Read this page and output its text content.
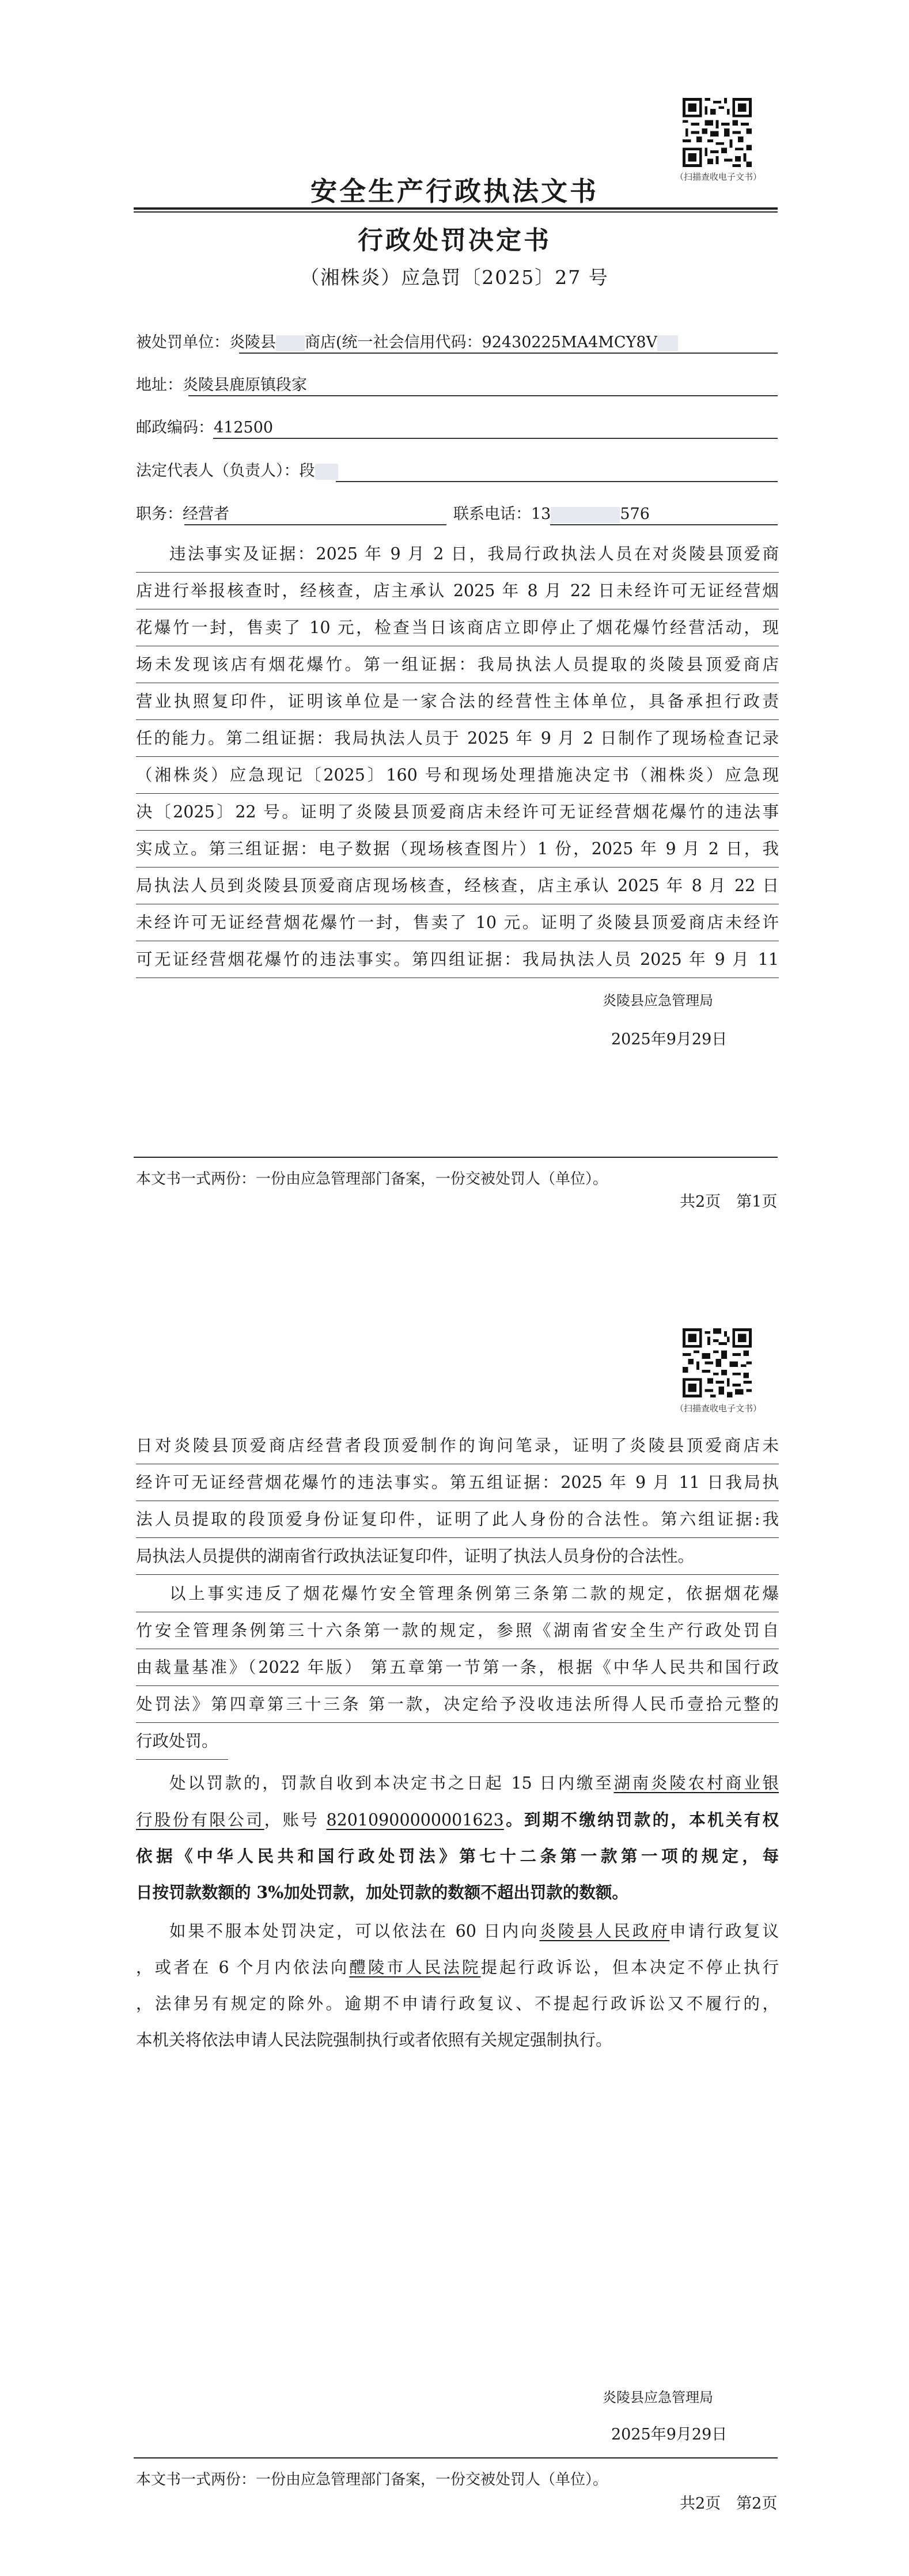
（扫描查收电子文书）
安全生产行政执法文书
行政处罚决定书
（湘株炎）应急罚〔2025〕27 号
被处罚单位：炎陵县 商店(统一社会信用代码：92430225MA4MCY8V
地址：炎陵县鹿原镇段家
邮政编码：412500
法定代表人（负责人）：段
职务：经营者	联系电话：13	576
违法事实及证据：2025 年 9 月 2 日，我局行政执法人员在对炎陵县顶爱商
店进行举报核查时，经核查，店主承认 2025 年 8 月 22 日未经许可无证经营烟
花爆竹一封，售卖了 10 元，检查当日该商店立即停止了烟花爆竹经营活动，现
场未发现该店有烟花爆竹。第一组证据：我局执法人员提取的炎陵县顶爱商店
营业执照复印件，证明该单位是一家合法的经营性主体单位，具备承担行政责
任的能力。第二组证据：我局执法人员于 2025 年 9 月 2 日制作了现场检查记录
（湘株炎）应急现记〔2025〕160 号和现场处理措施决定书（湘株炎）应急现
决〔2025〕22 号。证明了炎陵县顶爱商店未经许可无证经营烟花爆竹的违法事
实成立。第三组证据：电子数据（现场核查图片）1 份，2025 年 9 月 2 日，我
局执法人员到炎陵县顶爱商店现场核查，经核查，店主承认 2025 年 8 月 22 日
未经许可无证经营烟花爆竹一封，售卖了 10 元。证明了炎陵县顶爱商店未经许
可无证经营烟花爆竹的违法事实。第四组证据：我局执法人员 2025 年 9 月 11
炎陵县应急管理局
2025年9月29日
本文书一式两份：一份由应急管理部门备案，一份交被处罚人（单位）。
共2页　第1页
（扫描查收电子文书）
日对炎陵县顶爱商店经营者段顶爱制作的询问笔录，证明了炎陵县顶爱商店未
经许可无证经营烟花爆竹的违法事实。第五组证据：2025 年 9 月 11 日我局执
法人员提取的段顶爱身份证复印件，证明了此人身份的合法性。第六组证据:我
局执法人员提供的湖南省行政执法证复印件，证明了执法人员身份的合法性。
以上事实违反了烟花爆竹安全管理条例第三条第二款的规定，依据烟花爆
竹安全管理条例第三十六条第一款的规定，参照《湖南省安全生产行政处罚自
由裁量基准》（2022 年版） 第五章第一节第一条，根据《中华人民共和国行政
处罚法》第四章第三十三条 第一款，决定给予没收违法所得人民币壹拾元整的
行政处罚。
处以罚款的，罚款自收到本决定书之日起 15 日内缴至湖南炎陵农村商业银
行股份有限公司，账号 82010900000001623。到期不缴纳罚款的，本机关有权
依据《中华人民共和国行政处罚法》第七十二条第一款第一项的规定，每
日按罚款数额的 3%加处罚款，加处罚款的数额不超出罚款的数额。
如果不服本处罚决定，可以依法在 60 日内向炎陵县人民政府申请行政复议
，或者在 6 个月内依法向醴陵市人民法院提起行政诉讼，但本决定不停止执行
，法律另有规定的除外。逾期不申请行政复议、不提起行政诉讼又不履行的，
本机关将依法申请人民法院强制执行或者依照有关规定强制执行。
炎陵县应急管理局
2025年9月29日
本文书一式两份：一份由应急管理部门备案，一份交被处罚人（单位）。
共2页　第2页
